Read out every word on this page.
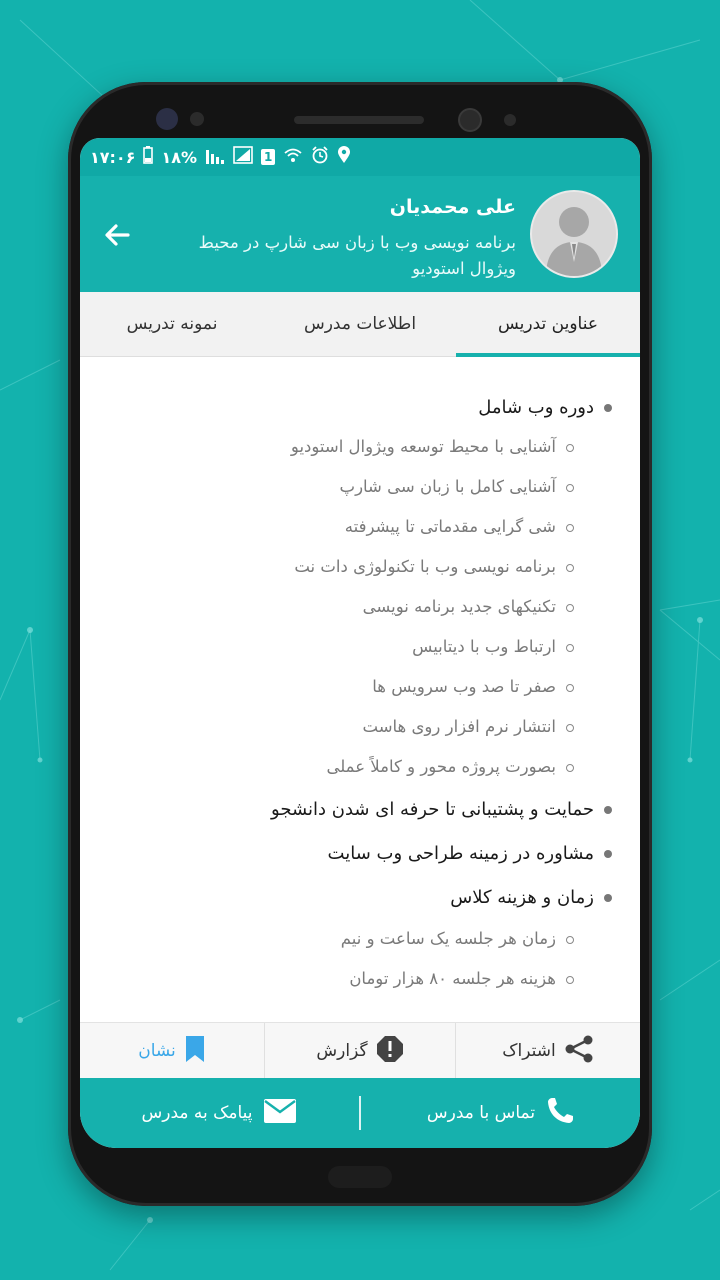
۱۷:۰۶ ۱۸%	1
علی محمدیان
برنامه نویسی وب با زبان سی شارپ در محیط ویژوال استودیو
عناوین تدریس
اطلاعات مدرس
نمونه تدریس
دوره وب شامل
آشنایی با محیط توسعه ویژوال استودیو
آشنایی کامل با زبان سی شارپ
شی گرایی مقدماتی تا پیشرفته
برنامه نویسی وب با تکنولوژی دات نت
تکنیکهای جدید برنامه نویسی
ارتباط وب با دیتابیس
صفر تا صد وب سرویس ها
انتشار نرم افزار روی هاست
بصورت پروژه محور و کاملاً عملی
حمایت و پشتیبانی تا حرفه ای شدن دانشجو
مشاوره در زمینه طراحی وب سایت
زمان و هزینه کلاس
زمان هر جلسه یک ساعت و نیم
هزینه هر جلسه ۸۰ هزار تومان
اشتراک
گزارش
نشان
تماس با مدرس
پیامک به مدرس
